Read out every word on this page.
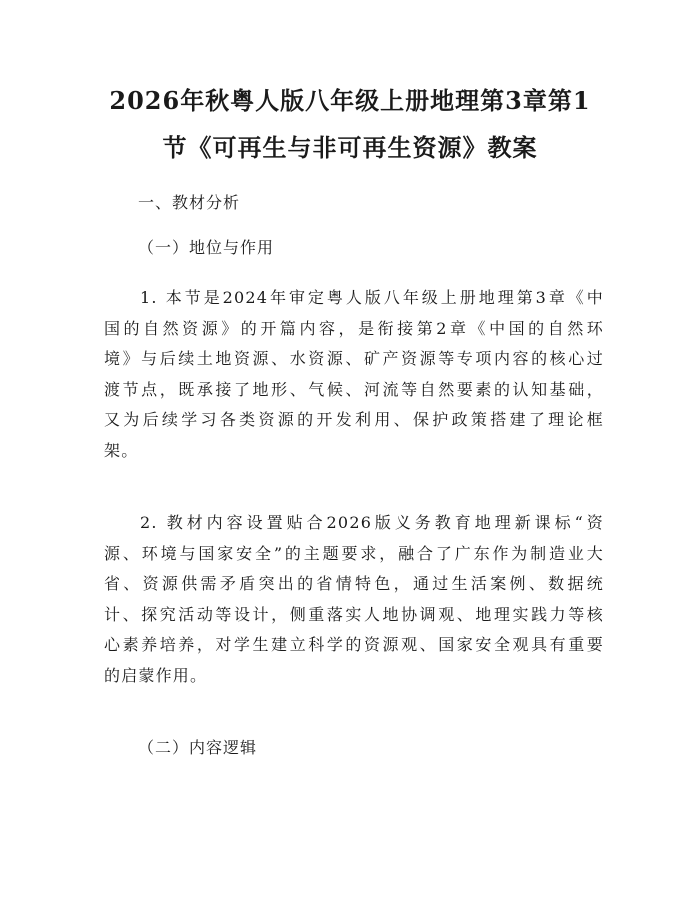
2026年秋粤人版八年级上册地理第3章第1
节《可再生与非可再生资源》教案
一、教材分析
（一）地位与作用
1. 本节是2024年审定粤人版八年级上册地理第3章《中
国的自然资源》的开篇内容，是衔接第2章《中国的自然环
境》与后续土地资源、水资源、矿产资源等专项内容的核心过
渡节点，既承接了地形、气候、河流等自然要素的认知基础，
又为后续学习各类资源的开发利用、保护政策搭建了理论框
架。
2. 教材内容设置贴合2026版义务教育地理新课标“资
源、环境与国家安全”的主题要求，融合了广东作为制造业大
省、资源供需矛盾突出的省情特色，通过生活案例、数据统
计、探究活动等设计，侧重落实人地协调观、地理实践力等核
心素养培养，对学生建立科学的资源观、国家安全观具有重要
的启蒙作用。
（二）内容逻辑
